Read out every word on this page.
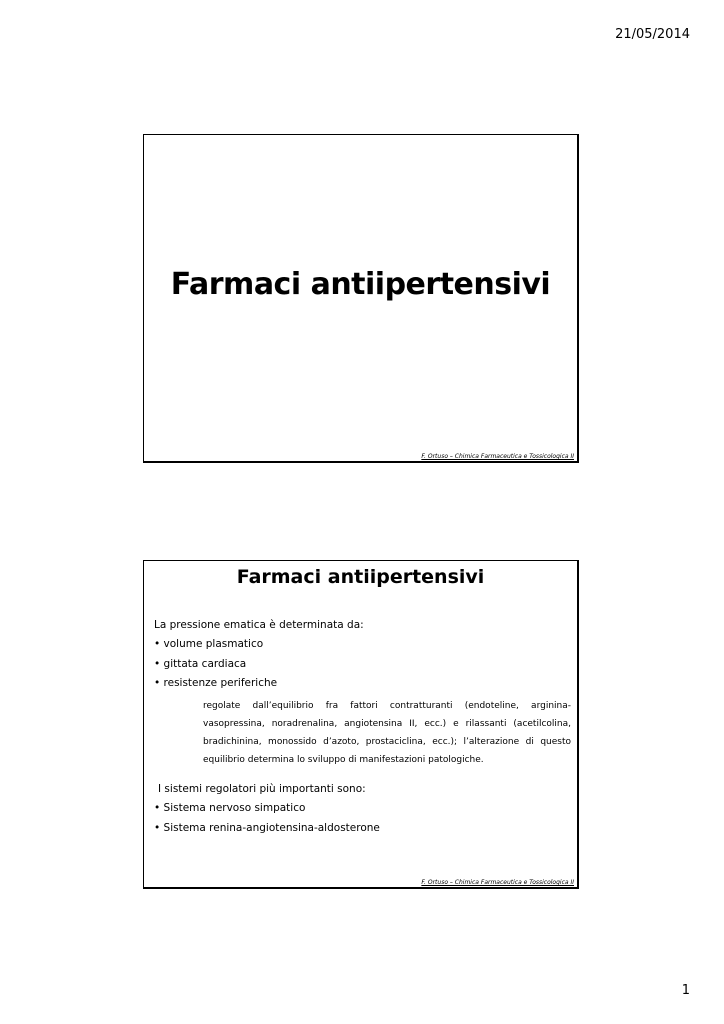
21/05/2014
Farmaci antiipertensivi
F. Ortuso – Chimica Farmaceutica e Tossicologica II
Farmaci antiipertensivi

La pressione ematica è determinata da:

• volume plasmatico

• gittata cardiaca

• resistenze periferiche

regolate dall’equilibrio fra fattori contratturanti (endoteline, arginina-vasopressina, noradrenalina, angiotensina II, ecc.) e rilassanti (acetilcolina, bradichinina, monossido d’azoto, prostaciclina, ecc.); l’alterazione di questo equilibrio determina lo sviluppo di manifestazioni patologiche.

I sistemi regolatori più importanti sono:

• Sistema nervoso simpatico

• Sistema renina-angiotensina-aldosterone

F. Ortuso – Chimica Farmaceutica e Tossicologica II
1
